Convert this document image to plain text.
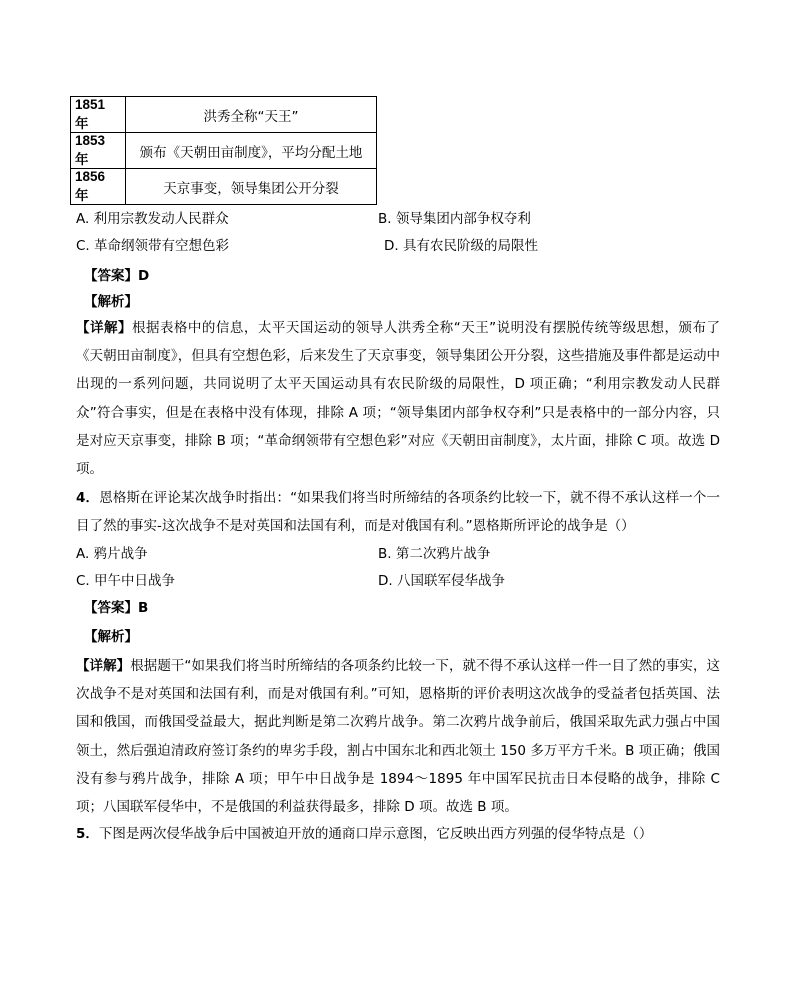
1851 年	洪秀全称“天王”
1853 年	颁布《天朝田亩制度》，平均分配土地
1856 年	天京事变，领导集团公开分裂
A. 利用宗教发动人民群众	B. 领导集团内部争权夺利
C. 革命纲领带有空想色彩	D. 具有农民阶级的局限性
【答案】D
【解析】
【详解】根据表格中的信息，太平天国运动的领导人洪秀全称“天王”说明没有摆脱传统等级思想，颁布了《天朝田亩制度》，但具有空想色彩，后来发生了天京事变，领导集团公开分裂，这些措施及事件都是运动中出现的一系列问题，共同说明了太平天国运动具有农民阶级的局限性，D 项正确；“利用宗教发动人民群众”符合事实，但是在表格中没有体现，排除 A 项；“领导集团内部争权夺利”只是表格中的一部分内容，只是对应天京事变，排除 B 项；“革命纲领带有空想色彩”对应《天朝田亩制度》，太片面，排除 C 项。故选 D 项。
4．恩格斯在评论某次战争时指出：“如果我们将当时所缔结的各项条约比较一下，就不得不承认这样一个一目了然的事实-这次战争不是对英国和法国有利，而是对俄国有利。”恩格斯所评论的战争是（）
A. 鸦片战争	B. 第二次鸦片战争
C. 甲午中日战争	D. 八国联军侵华战争
【答案】B
【解析】
【详解】根据题干“如果我们将当时所缔结的各项条约比较一下，就不得不承认这样一件一目了然的事实，这次战争不是对英国和法国有利，而是对俄国有利。”可知，恩格斯的评价表明这次战争的受益者包括英国、法国和俄国，而俄国受益最大，据此判断是第二次鸦片战争。第二次鸦片战争前后，俄国采取先武力强占中国领土，然后强迫清政府签订条约的卑劣手段，割占中国东北和西北领土 150 多万平方千米。B 项正确；俄国没有参与鸦片战争，排除 A 项；甲午中日战争是 1894～1895 年中国军民抗击日本侵略的战争，排除 C 项；八国联军侵华中，不是俄国的利益获得最多，排除 D 项。故选 B 项。
5．下图是两次侵华战争后中国被迫开放的通商口岸示意图，它反映出西方列强的侵华特点是（）
